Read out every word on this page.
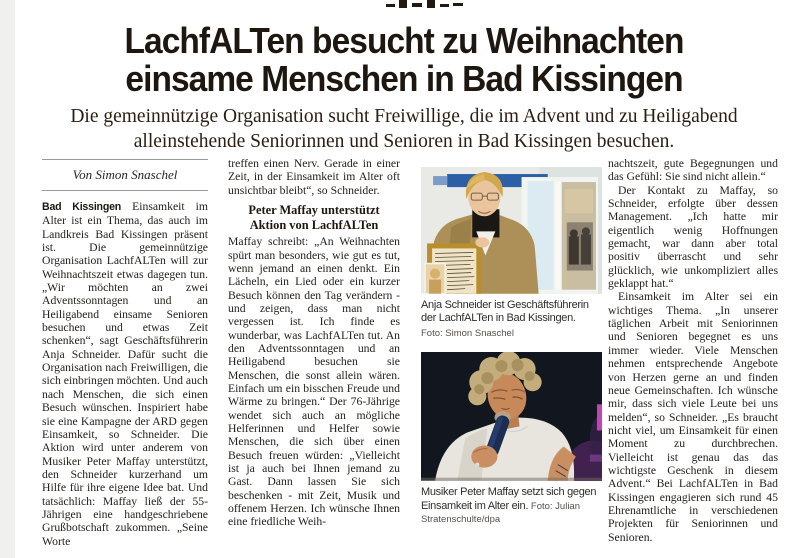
LachfALTen besucht zu Weihnachten
einsame Menschen in Bad Kissingen
Die gemeinnützige Organisation sucht Freiwillige, die im Advent und zu Heiligabend
alleinstehende Seniorinnen und Senioren in Bad Kissingen besuchen.
Von Simon Snaschel

Bad Kissingen Einsamkeit im Alter ist ein Thema, das auch im Landkreis Bad Kissingen präsent ist. Die gemeinnützige Organisation LachfALTen will zur Weihnachtszeit etwas dagegen tun. „Wir möchten an zwei Adventssonntagen und an Heiligabend einsame Senioren besuchen und etwas Zeit schenken“, sagt Geschäftsführerin Anja Schneider. Dafür sucht die Organisation nach Freiwilligen, die sich einbringen möchten. Und auch nach Menschen, die sich einen Besuch wünschen. Inspiriert habe sie eine Kampagne der ARD gegen Einsamkeit, so Schneider. Die Aktion wird unter anderem von Musiker Peter Maffay unterstützt, den Schneider kurzerhand um Hilfe für ihre eigene Idee bat. Und tatsächlich: Maffay ließ der 55-Jährigen eine handgeschriebene Grußbotschaft zukommen. „Seine Worte

treffen einen Nerv. Gerade in einer Zeit, in der Einsamkeit im Alter oft unsichtbar bleibt“, so Schneider.

Peter Maffay unterstützt
Aktion von LachfALTen

Maffay schreibt: „An Weihnachten spürt man besonders, wie gut es tut, wenn jemand an einen denkt. Ein Lächeln, ein Lied oder ein kurzer Besuch können den Tag verändern - und zeigen, dass man nicht vergessen ist. Ich finde es wunderbar, was LachfALTen tut. An den Adventssonntagen und an Heiligabend besuchen sie Menschen, die sonst allein wären. Einfach um ein bisschen Freude und Wärme zu bringen.“ Der 76-Jährige wendet sich auch an mögliche Helferinnen und Helfer sowie Menschen, die sich über einen Besuch freuen würden: „Vielleicht ist ja auch bei Ihnen jemand zu Gast. Dann lassen Sie sich beschenken - mit Zeit, Musik und offenem Herzen. Ich wünsche Ihnen eine friedliche Weih-

Anja Schneider ist Geschäftsführerin der LachfALTen in Bad Kissingen.
Foto: Simon Snaschel
Musiker Peter Maffay setzt sich gegen Einsamkeit im Alter ein. Foto: Julian Stratenschulte/dpa

nachtszeit, gute Begegnungen und das Gefühl: Sie sind nicht allein.“

Der Kontakt zu Maffay, so Schneider, erfolgte über dessen Management. „Ich hatte mir eigentlich wenig Hoffnungen gemacht, war dann aber total positiv überrascht und sehr glücklich, wie unkompliziert alles geklappt hat.“

Einsamkeit im Alter sei ein wichtiges Thema. „In unserer täglichen Arbeit mit Seniorinnen und Senioren begegnet es uns immer wieder. Viele Menschen nehmen entsprechende Angebote von Herzen gerne an und finden neue Gemeinschaften. Ich wünsche mir, dass sich viele Leute bei uns melden“, so Schneider. „Es braucht nicht viel, um Einsamkeit für einen Moment zu durchbrechen. Vielleicht ist genau das das wichtigste Geschenk in diesem Advent.“ Bei LachfALTen in Bad Kissingen engagieren sich rund 45 Ehrenamtliche in verschiedenen Projekten für Seniorinnen und Senioren.
